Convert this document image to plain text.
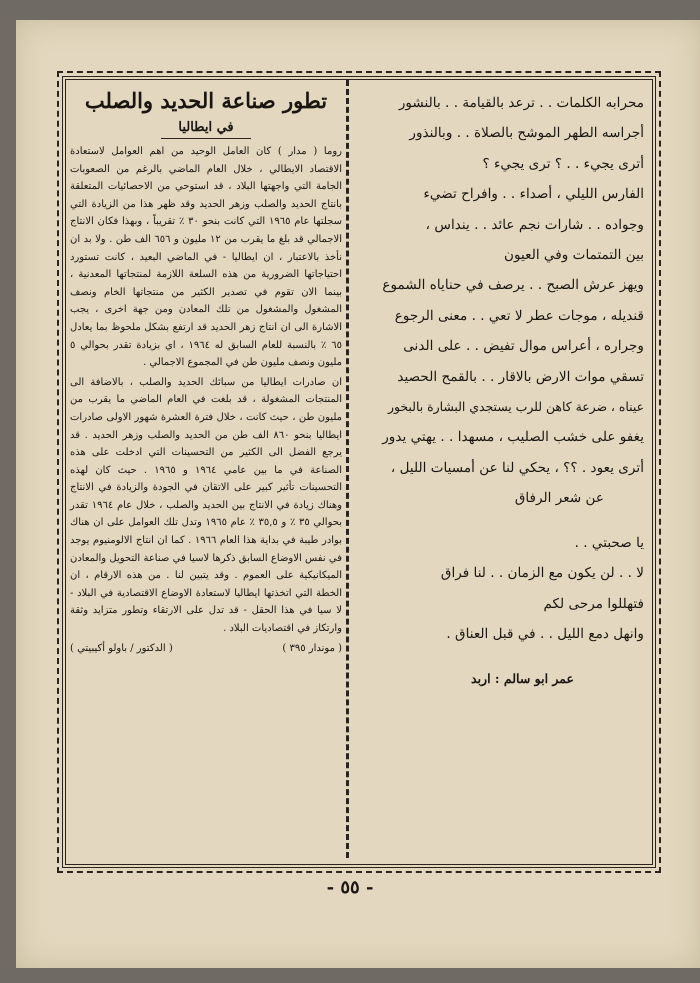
محرابه الكلمات . . ترعد بالقيامة . . بالنشور
أجراسه الطهر الموشح بالصلاة . . وبالنذور
أترى يجيء . . ؟ ترى يجيء ؟
الفارس الليلي ، أصداء . . وافراح تضيء
وجواده . . شارات نجم عائد . . ينداس ،
بين التمتمات وفي العيون
ويهز عرش الصبح . . يرصف في حناياه الشموع
قنديله ، موجات عطر لا تعي . . معنى الرجوع
وجراره ، أعراس موال تفيض . . على الدنى
تسقي موات الارض بالاقار . . بالقمح الحصيد
عيناه ، ضرعة كاهن للرب يستجدي البشارة بالبخور
يغفو على خشب الصليب ، مسهدا . . يهتي يدور
أترى يعود . ؟؟ ، يحكي لنا عن أمسيات الليل ،
عن شعر الرفاق
يا صحبتي . .
لا . . لن يكون مع الزمان . . لنا فراق
فتهللوا مرحى لكم
وانهل دمع الليل . . في قبل العناق .
عمر ابو سالم : اربد
تطور صناعة الحديد والصلب
في ايطاليا
روما ( مدار ) كان العامل الوحيد من اهم العوامل لاستعادة الاقتصاد الايطالي ، خلال العام الماضي بالرغم من الصعوبات الجامة التي واجهتها البلاد ، قد استوحي من الاحصائيات المتعلقة بانتاج الحديد والصلب وزهر الحديد وقد ظهر هذا من الزيادة التي سجلتها عام ١٩٦٥ التي كانت بنحو ٣٠ ٪ تقريباً ، وبهذا فكان الانتاج الاجمالي قد بلغ ما يقرب من ١٢ مليون و ٦٥٦ الف طن . ولا بد ان نأخذ بالاعتبار ، ان ايطاليا - في الماضي البعيد ، كانت تستورد احتياجاتها الضرورية من هذه السلعة اللازمة لمنتجاتها المعدنية ، بينما الان تقوم في تصدير الكثير من منتجاتها الخام ونصف المشغول والمشغول من تلك المعادن ومن جهة اخرى ، يجب الاشارة الى ان انتاج زهر الحديد قد ارتفع بشكل ملحوظ بما يعادل ٦٥ ٪ بالنسبة للعام السابق له ١٩٦٤ ، اي بزيادة تقدر بحوالي ٥ مليون ونصف مليون طن في المجموع الاجمالي .
ان صادرات ايطاليا من سبائك الحديد والصلب ، بالاضافة الى المنتجات المشغولة ، قد بلغت في العام الماضي ما يقرب من مليون طن ، حيث كانت ، خلال فترة العشرة شهور الاولى صادرات ايطاليا بنحو ٨٦٠ الف طن من الحديد والصلب وزهر الحديد . قد يرجع الفضل الى الكثير من التحسينات التي ادخلت على هذه الصناعة في ما بين عامي ١٩٦٤ و ١٩٦٥ . حيث كان لهذه التحسينات تأثير كبير على الاتقان في الجودة والزيادة في الانتاج وهناك زيادة في الانتاج بين الحديد والصلب ، خلال عام ١٩٦٤ تقدر بحوالي ٣٥ ٪ و ٣٥,٥ ٪ عام ١٩٦٥ وتدل تلك العوامل على ان هناك بوادر طيبة في بداية هذا العام ١٩٦٦ . كما ان انتاج الالومنيوم يوجد في نفس الاوضاع السابق ذكرها لاسيا في صناعة التحويل والمعادن الميكانيكية على العموم . وقد يتبين لنا . من هذه الارقام ، ان الخطة التي اتخذتها ايطاليا لاستعادة الاوضاع الاقتصادية في البلاد - لا سيا في هذا الحقل - قد تدل على الارتقاء وتطور متزايد وثقة وارتكاز في اقتصاديات البلاد .
( موندار ٣٩٥ )
( الدكتور / باولو أكيبيتي )
- ٥٥ -
